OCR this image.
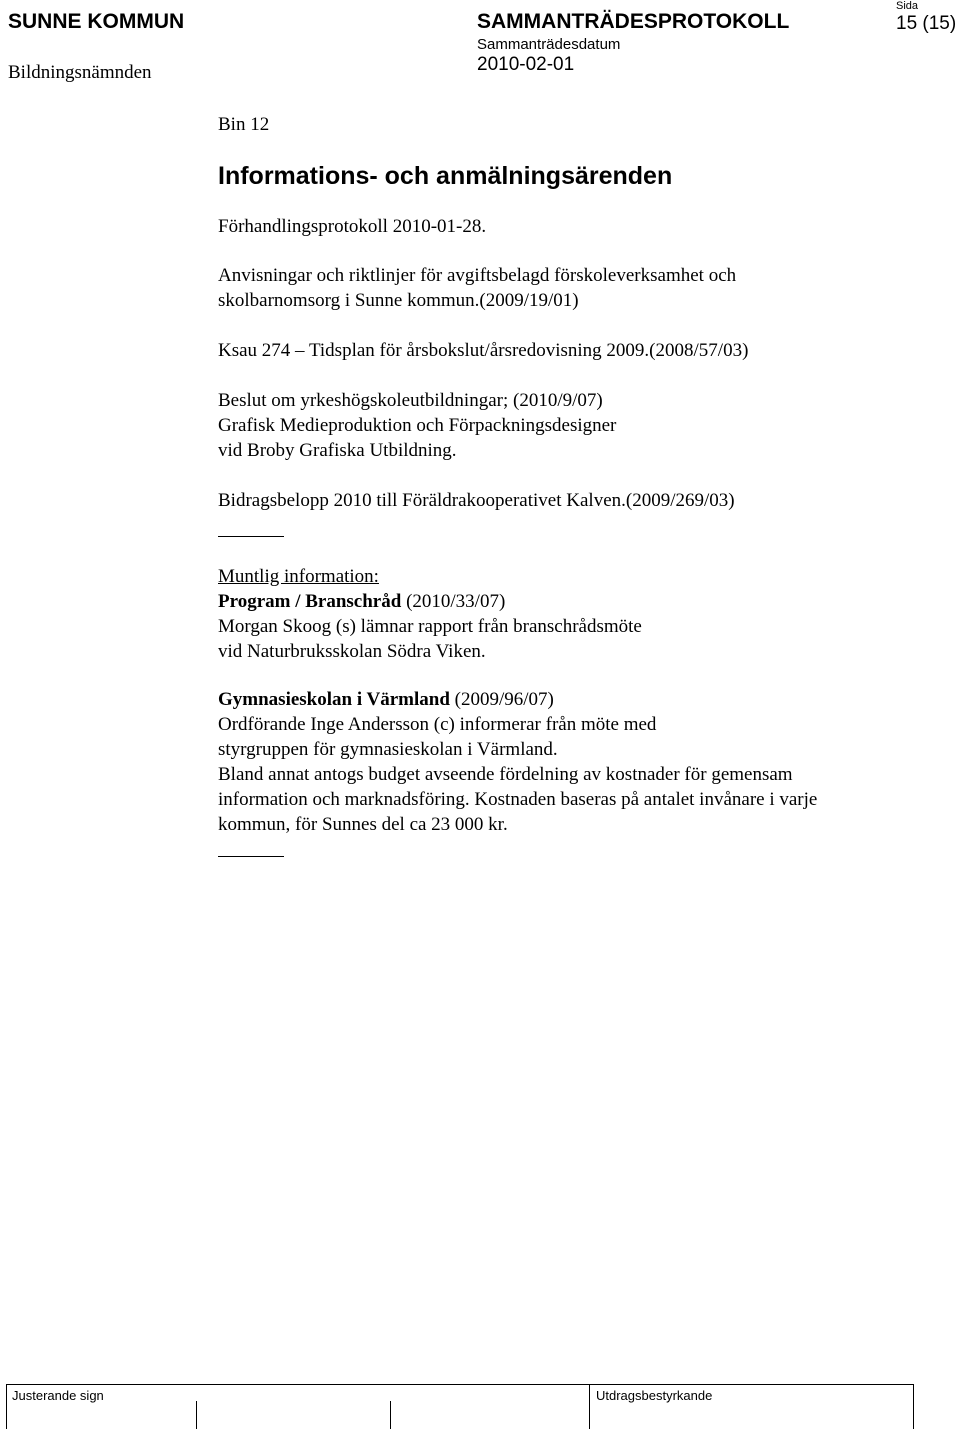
SUNNE KOMMUN
Bildningsnämnden
SAMMANTRÄDESPROTOKOLL
Sammanträdesdatum
2010-02-01
Sida
15 (15)
Bin 12
Informations- och anmälningsärenden
Förhandlingsprotokoll 2010-01-28.
Anvisningar och riktlinjer för avgiftsbelagd förskoleverksamhet och
skolbarnomsorg i Sunne kommun.(2009/19/01)
Ksau 274 – Tidsplan för årsbokslut/årsredovisning 2009.(2008/57/03)
Beslut om yrkeshögskoleutbildningar; (2010/9/07)
Grafisk Medieproduktion och Förpackningsdesigner
vid Broby Grafiska Utbildning.
Bidragsbelopp 2010 till Föräldrakooperativet Kalven.(2009/269/03)
Muntlig information:
Program / Branschråd (2010/33/07)
Morgan Skoog (s) lämnar rapport från branschrådsmöte
vid Naturbruksskolan Södra Viken.
Gymnasieskolan i Värmland (2009/96/07)
Ordförande Inge Andersson (c) informerar från möte med
styrgruppen för gymnasieskolan i Värmland.
Bland annat antogs budget avseende fördelning av kostnader för gemensam
information och marknadsföring. Kostnaden baseras på antalet invånare i varje
kommun, för Sunnes del ca 23 000 kr.
Justerande sign	Utdragsbestyrkande
